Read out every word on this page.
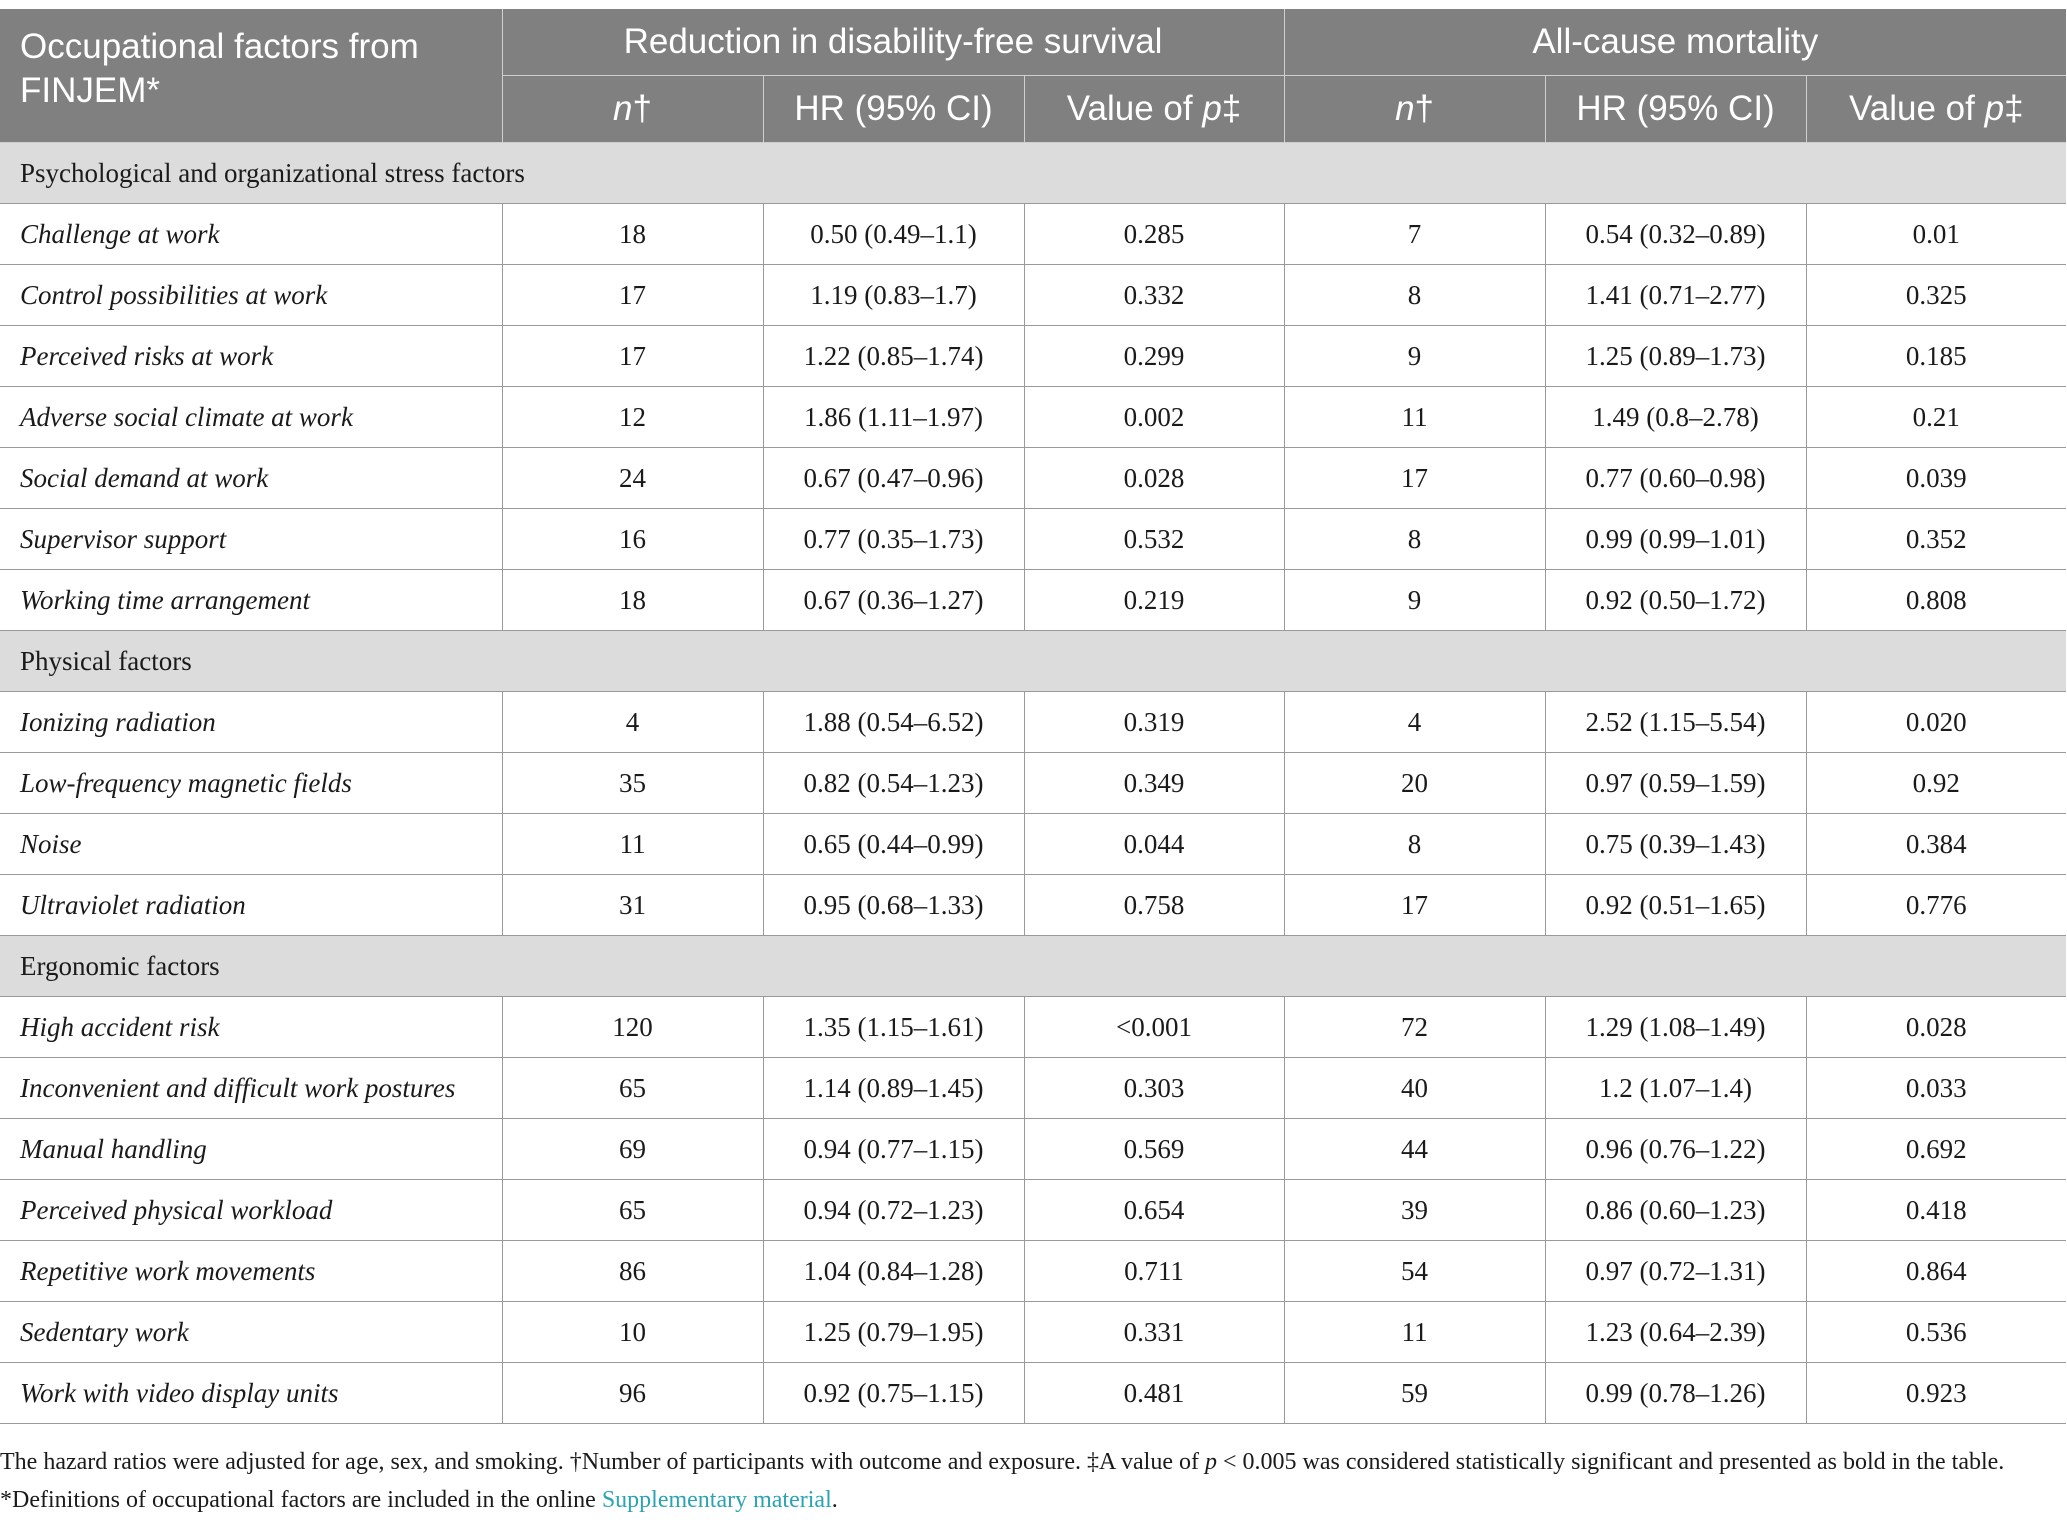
Occupational factors from FINJEM*	Reduction in disability-free survival			All-cause mortality		
	n†	HR (95% CI)	Value of p‡	n†	HR (95% CI)	Value of p‡
Psychological and organizational stress factors						
Challenge at work	18	0.50 (0.49–1.1)	0.285	7	0.54 (0.32–0.89)	0.01
Control possibilities at work	17	1.19 (0.83–1.7)	0.332	8	1.41 (0.71–2.77)	0.325
Perceived risks at work	17	1.22 (0.85–1.74)	0.299	9	1.25 (0.89–1.73)	0.185
Adverse social climate at work	12	1.86 (1.11–1.97)	0.002	11	1.49 (0.8–2.78)	0.21
Social demand at work	24	0.67 (0.47–0.96)	0.028	17	0.77 (0.60–0.98)	0.039
Supervisor support	16	0.77 (0.35–1.73)	0.532	8	0.99 (0.99–1.01)	0.352
Working time arrangement	18	0.67 (0.36–1.27)	0.219	9	0.92 (0.50–1.72)	0.808
Physical factors						
Ionizing radiation	4	1.88 (0.54–6.52)	0.319	4	2.52 (1.15–5.54)	0.020
Low-frequency magnetic fields	35	0.82 (0.54–1.23)	0.349	20	0.97 (0.59–1.59)	0.92
Noise	11	0.65 (0.44–0.99)	0.044	8	0.75 (0.39–1.43)	0.384
Ultraviolet radiation	31	0.95 (0.68–1.33)	0.758	17	0.92 (0.51–1.65)	0.776
Ergonomic factors						
High accident risk	120	1.35 (1.15–1.61)	<0.001	72	1.29 (1.08–1.49)	0.028
Inconvenient and difficult work postures	65	1.14 (0.89–1.45)	0.303	40	1.2 (1.07–1.4)	0.033
Manual handling	69	0.94 (0.77–1.15)	0.569	44	0.96 (0.76–1.22)	0.692
Perceived physical workload	65	0.94 (0.72–1.23)	0.654	39	0.86 (0.60–1.23)	0.418
Repetitive work movements	86	1.04 (0.84–1.28)	0.711	54	0.97 (0.72–1.31)	0.864
Sedentary work	10	1.25 (0.79–1.95)	0.331	11	1.23 (0.64–2.39)	0.536
Work with video display units	96	0.92 (0.75–1.15)	0.481	59	0.99 (0.78–1.26)	0.923
The hazard ratios were adjusted for age, sex, and smoking. †Number of participants with outcome and exposure. ‡A value of p < 0.005 was considered statistically significant and presented as bold in the table. *Definitions of occupational factors are included in the online Supplementary material.
